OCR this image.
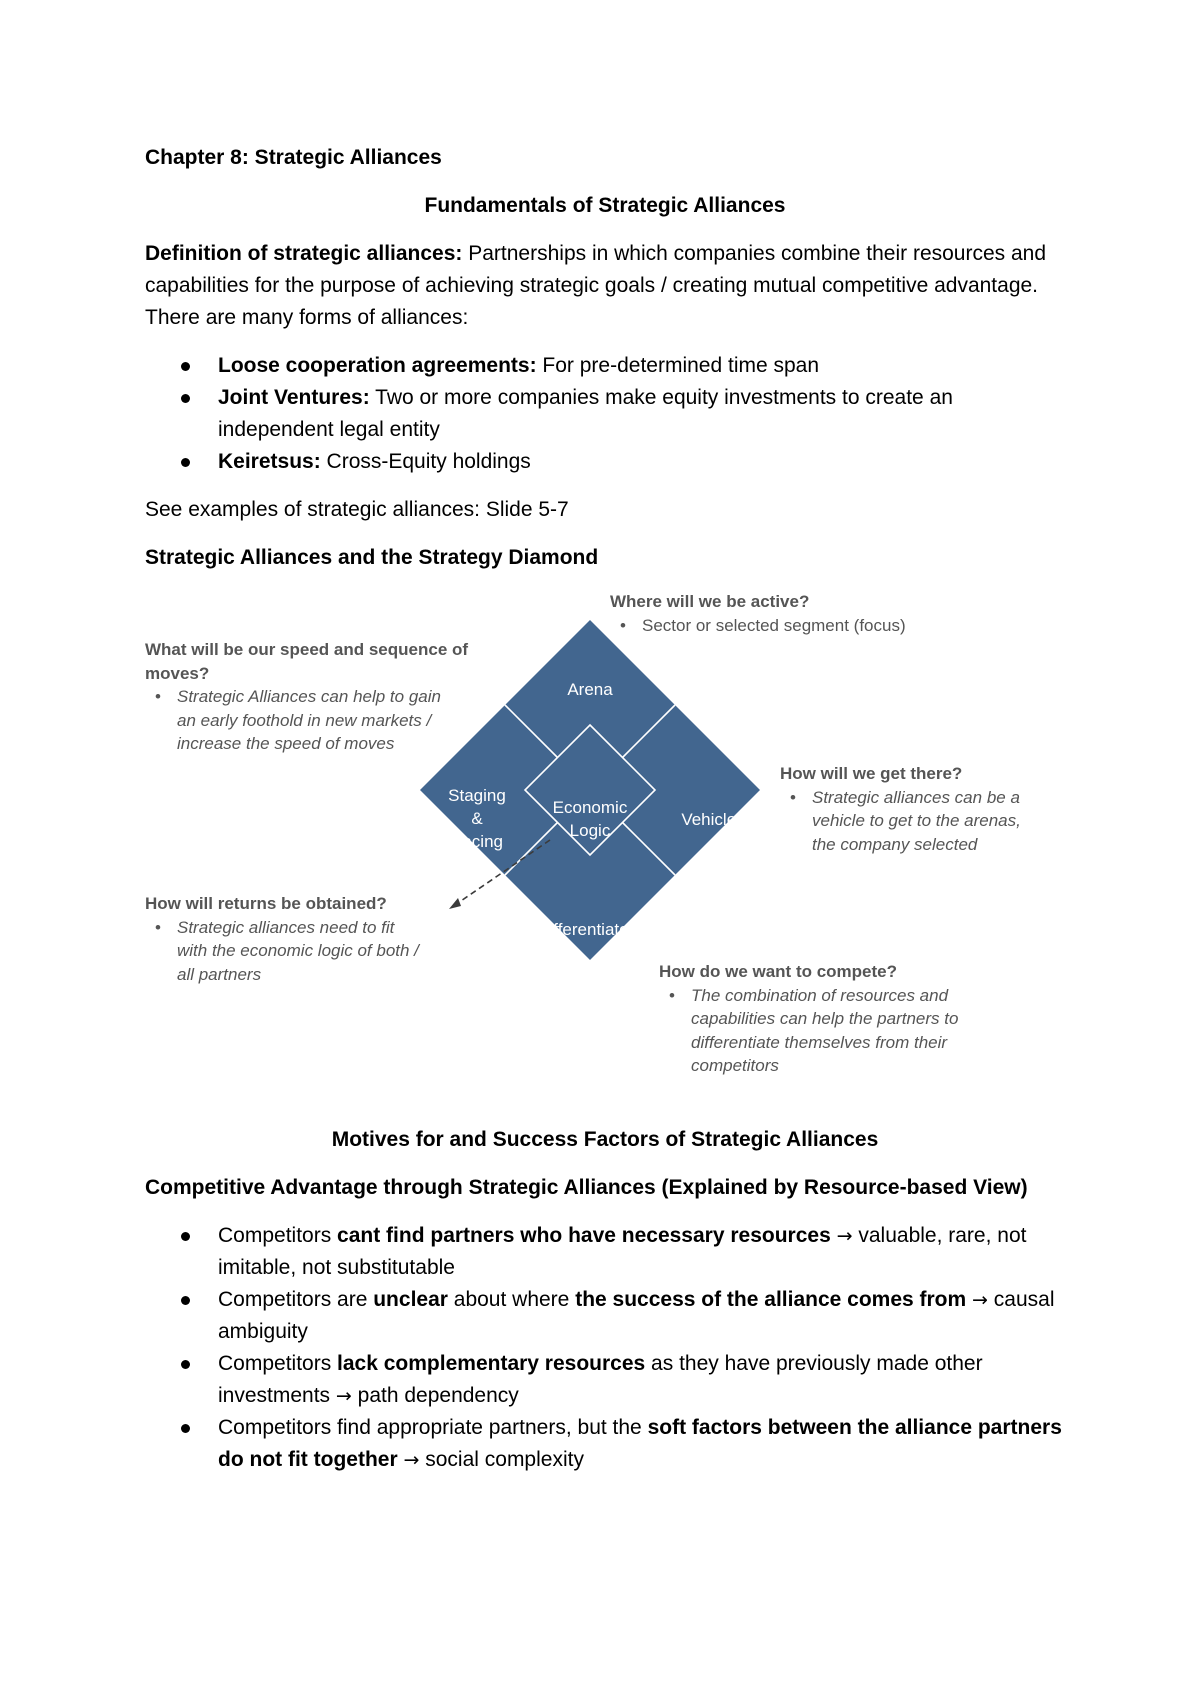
Chapter 8: Strategic Alliances

Fundamentals of Strategic Alliances

Definition of strategic alliances: Partnerships in which companies combine their resources and capabilities for the purpose of achieving strategic goals / creating mutual competitive advantage. There are many forms of alliances:

Loose cooperation agreements: For pre-determined time span
Joint Ventures: Two or more companies make equity investments to create an independent legal entity
Keiretsus: Cross-Equity holdings

See examples of strategic alliances: Slide 5-7

Strategic Alliances and the Strategy Diamond

Arena
Staging
&
Pacing
Economic
Logic
Vehicles
Differentiators
Where will we be active?
• Sector or selected segment (focus)
What will be our speed and sequence of
moves?
• Strategic Alliances can help to gain
an early foothold in new markets /
increase the speed of moves
How will we get there?
• Strategic alliances can be a
vehicle to get to the arenas,
the company selected
How will returns be obtained?
• Strategic alliances need to fit
with the economic logic of both /
all partners	How do we want to compete?
• The combination of resources and
capabilities can help the partners to
differentiate themselves from their
competitors

Motives for and Success Factors of Strategic Alliances

Competitive Advantage through Strategic Alliances (Explained by Resource-based View)

Competitors cant find partners who have necessary resources → valuable, rare, not imitable, not substitutable
Competitors are unclear about where the success of the alliance comes from → causal ambiguity
Competitors lack complementary resources as they have previously made other investments → path dependency
Competitors find appropriate partners, but the soft factors between the alliance partners do not fit together → social complexity
